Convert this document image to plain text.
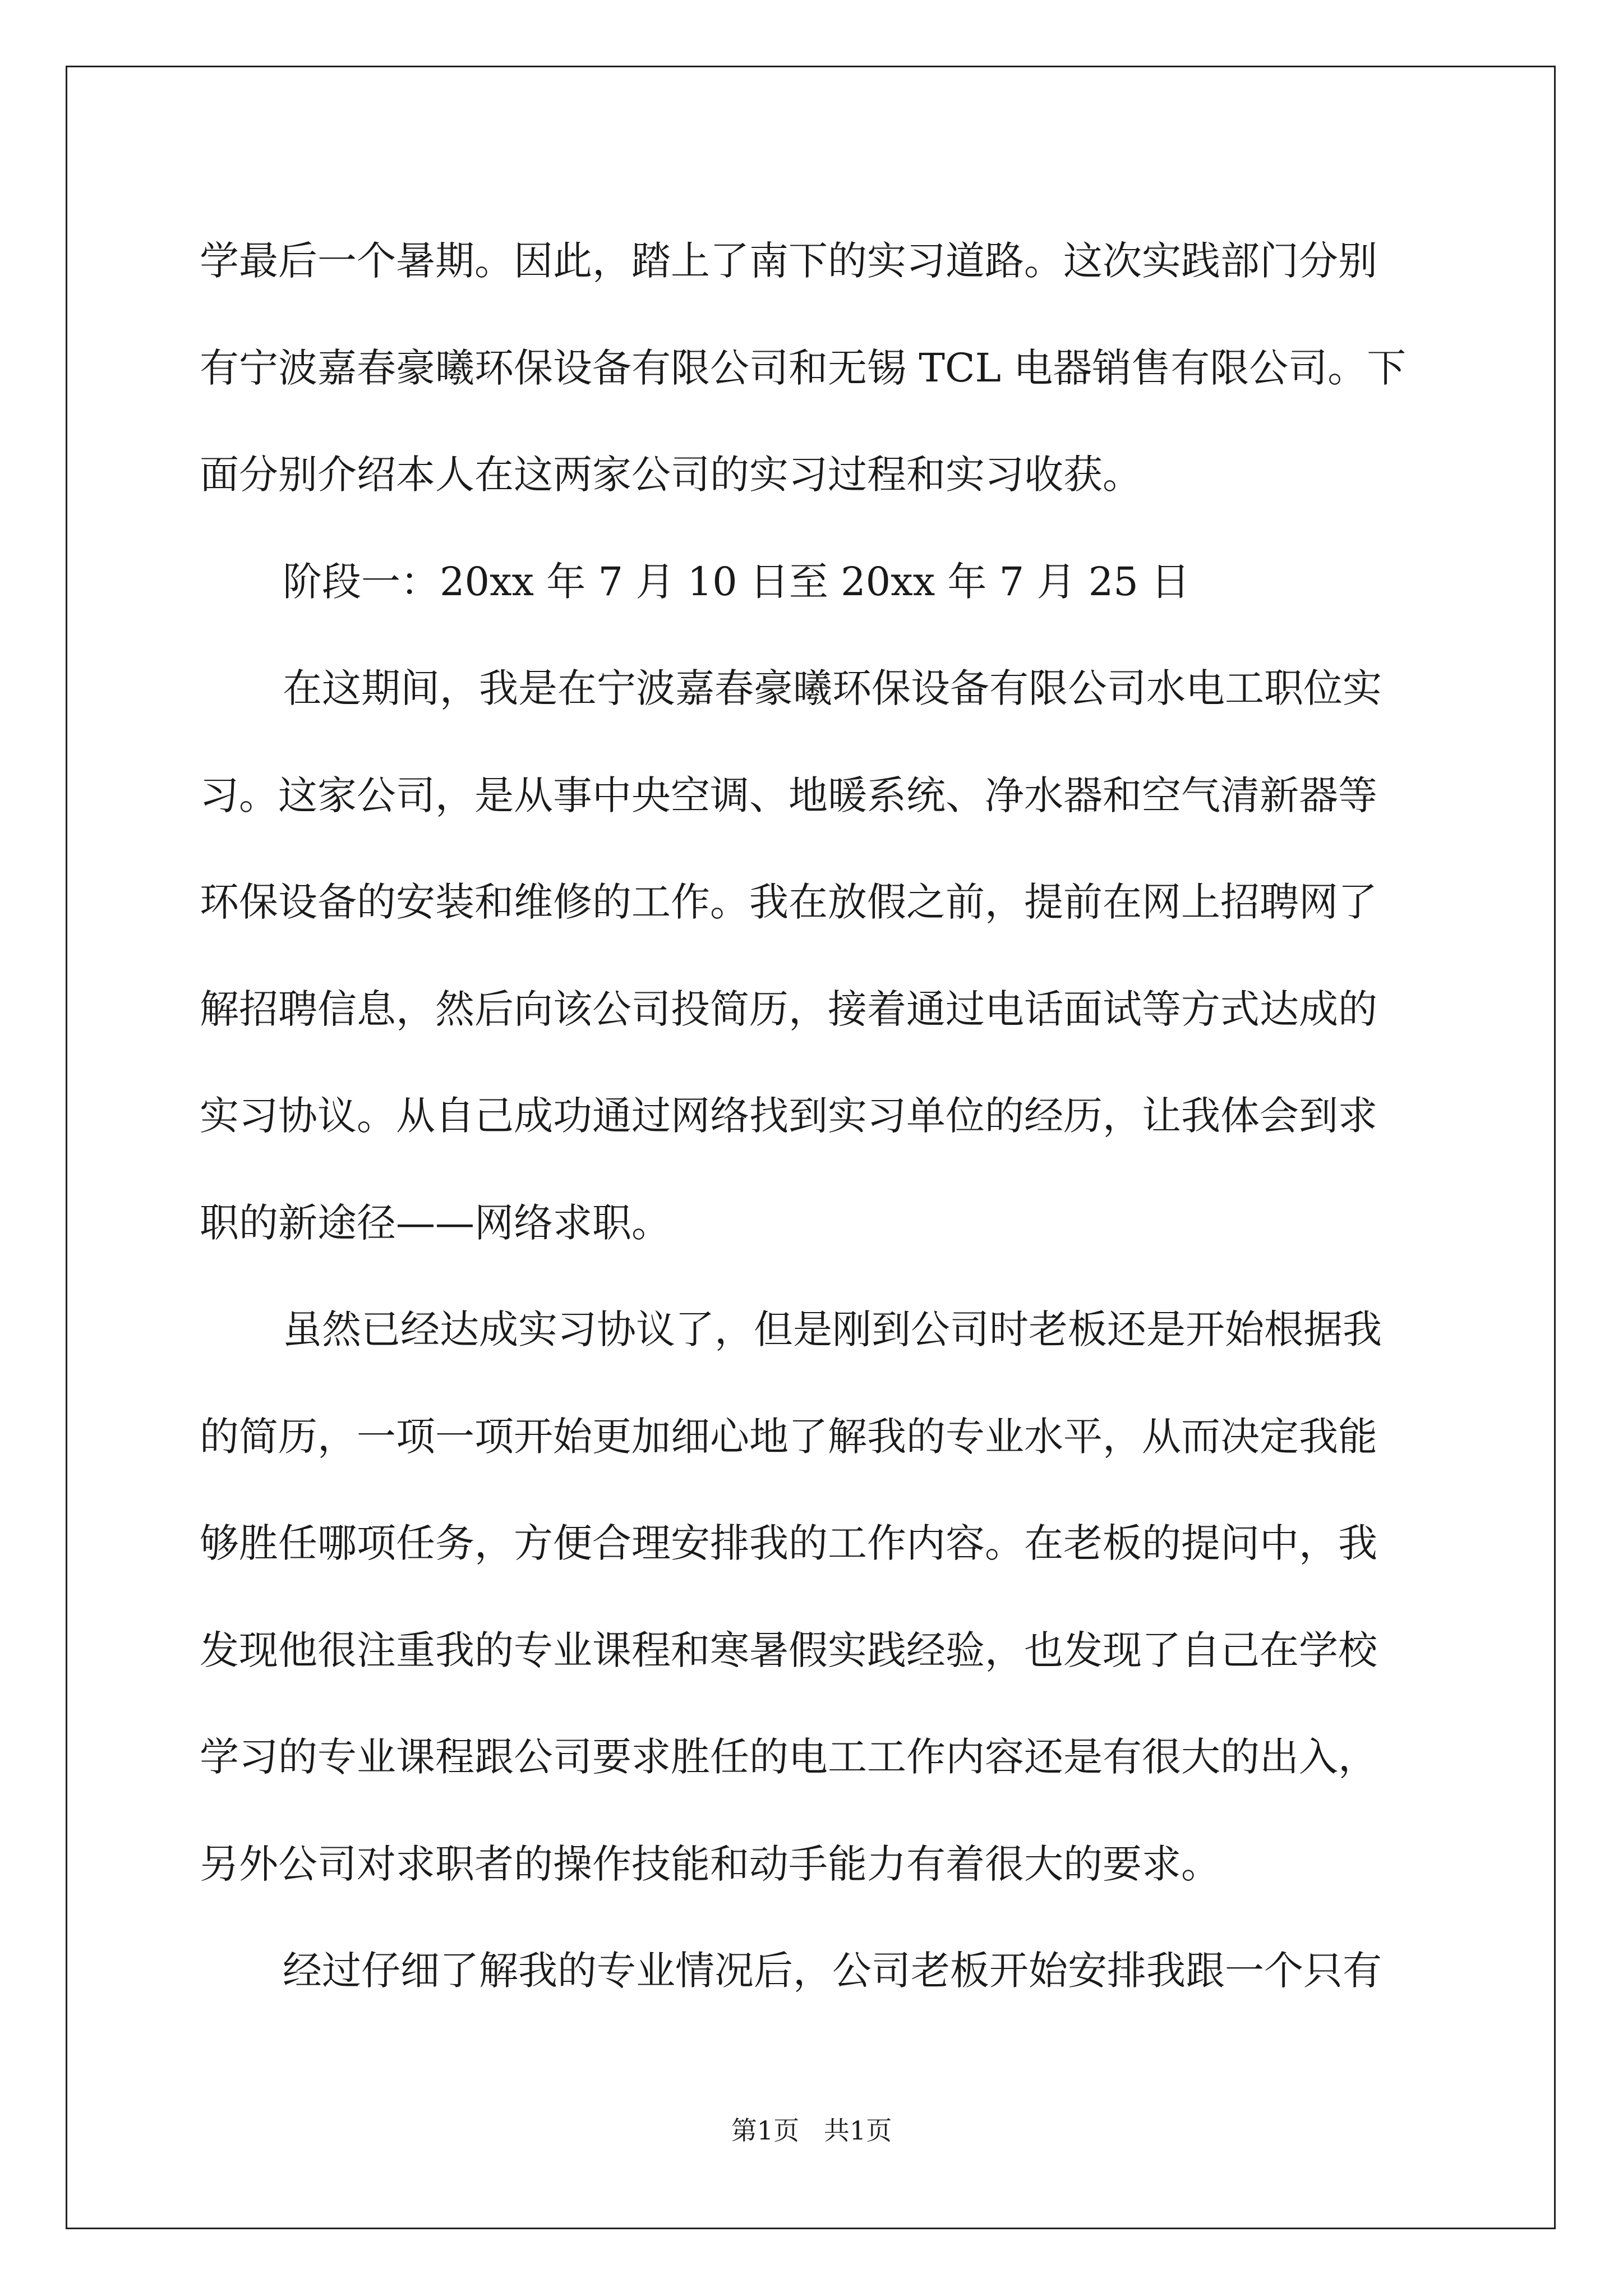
学最后一个暑期。因此，踏上了南下的实习道路。这次实践部门分别
有宁波嘉春豪曦环保设备有限公司和无锡 TCL 电器销售有限公司。下
面分别介绍本人在这两家公司的实习过程和实习收获。
阶段一：20xx 年 7 月 10 日至 20xx 年 7 月 25 日
在这期间，我是在宁波嘉春豪曦环保设备有限公司水电工职位实
习。这家公司，是从事中央空调、地暖系统、净水器和空气清新器等
环保设备的安装和维修的工作。我在放假之前，提前在网上招聘网了
解招聘信息，然后向该公司投简历，接着通过电话面试等方式达成的
实习协议。从自己成功通过网络找到实习单位的经历，让我体会到求
职的新途径——网络求职。
虽然已经达成实习协议了，但是刚到公司时老板还是开始根据我
的简历，一项一项开始更加细心地了解我的专业水平，从而决定我能
够胜任哪项任务，方便合理安排我的工作内容。在老板的提问中，我
发现他很注重我的专业课程和寒暑假实践经验，也发现了自己在学校
学习的专业课程跟公司要求胜任的电工工作内容还是有很大的出入，
另外公司对求职者的操作技能和动手能力有着很大的要求。
经过仔细了解我的专业情况后，公司老板开始安排我跟一个只有
第1页   共1页
